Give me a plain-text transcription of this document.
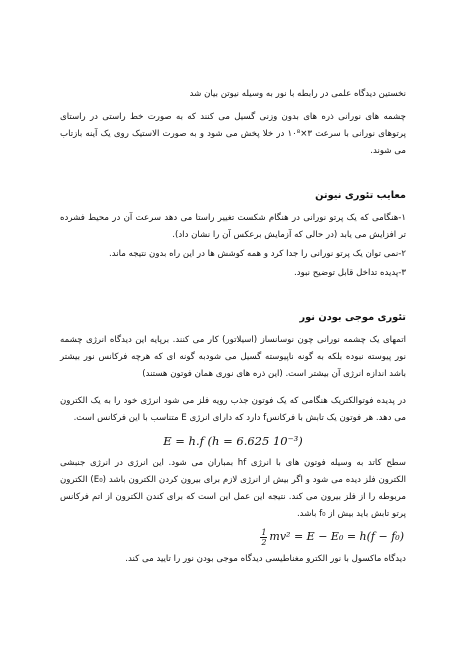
نخستین دیدگاه علمی در رابطه با نور به وسیله نیوتن بیان شد

چشمه های نورانی ذره های بدون وزنی گسیل می کنند که به صورت خط راستی در راستای پرتوهای نورانی با سرعت ۳×۱۰⁸ در خلا پخش می شود و به صورت الاستیک روی یک آینه بازتاب می شوند.

معایب تئوری نیوتن

۱-هنگامی که یک پرتو نورانی در هنگام شکست تغییر راستا می دهد سرعت آن در محیط فشرده تر افزایش می یابد (در حالی که آزمایش برعکس آن را نشان داد).

۲-نمی توان یک پرتو نورانی را جدا کرد و همه کوشش ها در این راه بدون نتیجه ماند.

۳-پدیده تداخل قابل توضیح نبود.

تئوری موجی بودن نور

اتمهای یک چشمه نورانی چون نوسانساز (اسیلاتور) کار می کنند. برپایه این دیدگاه انرژی چشمه نور پیوسته نبوده بلکه به گونه ناپیوسته گسیل می شودبه گونه ای که هرچه فرکانس نور بیشتر باشد اندازه انرژی آن بیشتر است. (این ذره های نوری همان فوتون هستند)

در پدیده فوتوالکتریک هنگامی که یک فوتون جذب رویه فلز می شود انرژی خود را به یک الکترون می دهد. هر فوتون یک تابش با فرکانسf دارد که دارای انرژی E متناسب با این فرکانس است.

E = h.f (h = 6.625 10⁻³)

سطح کاتد به وسیله فوتون های با انرژی hf بمباران می شود. این انرژی در انرژی جنبشی الکترون فلز دیده می شود و اگر بیش از انرژی لازم برای بیرون کردن الکترون باشد (E₀) الکترون مربوطه را از فلز بیرون می کند. نتیجه این عمل این است که برای کندن الکترون از اتم فرکانس پرتو تابش باید بیش از f₀ باشد.

$\frac{1}{2} mv^2 = E - E_0 = h(f - f_0)$

دیدگاه ماکسول با نور الکترو مغناطیسی دیدگاه موجی بودن نور را تایید می کند.
